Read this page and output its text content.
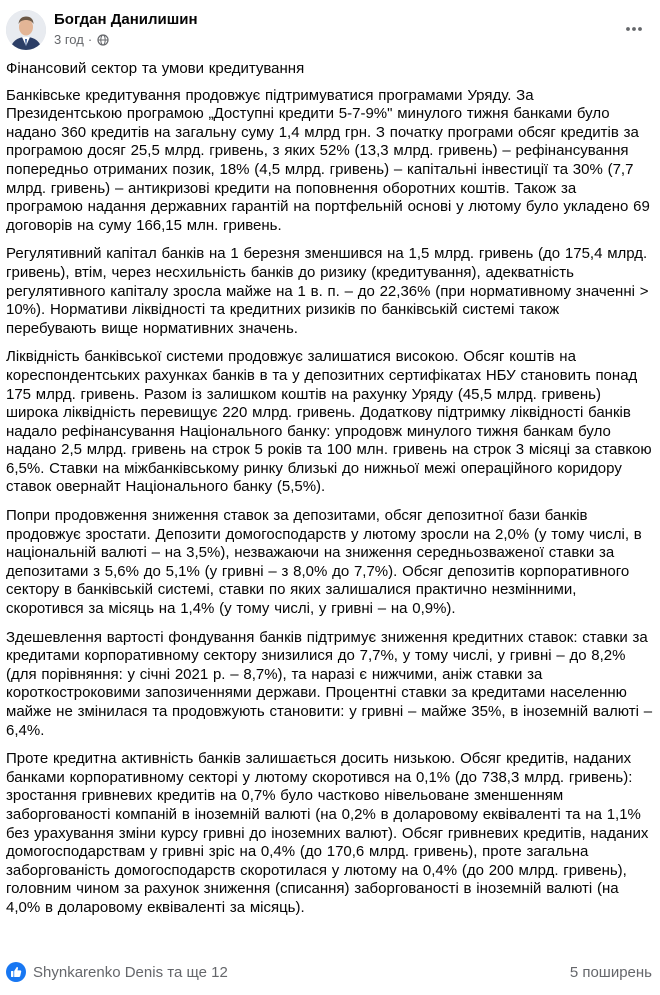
Богдан Данилишин
3 год ·

Фінансовий сектор та умови кредитування

Банківське кредитування продовжує підтримуватися програмами Уряду. За Президентською програмою „Доступні кредити 5-7-9%" минулого тижня банками було надано 360 кредитів на загальну суму 1,4 млрд грн. З початку програми обсяг кредитів за програмою досяг 25,5 млрд. гривень, з яких 52% (13,3 млрд. гривень) – рефінансування попередньо отриманих позик, 18% (4,5 млрд. гривень) – капітальні інвестиції та 30% (7,7 млрд. гривень) – антикризові кредити на поповнення оборотних коштів. Також за програмою надання державних гарантій на портфельній основі у лютому було укладено 69 договорів на суму 166,15 млн. гривень.

Регулятивний капітал банків на 1 березня зменшився на 1,5 млрд. гривень (до 175,4 млрд. гривень), втім, через несхильність банків до ризику (кредитування), адекватність регулятивного капіталу зросла майже на 1 в. п. – до 22,36% (при нормативному значенні > 10%). Нормативи ліквідності та кредитних ризиків по банківській системі також перебувають вище нормативних значень.

Ліквідність банківської системи продовжує залишатися високою. Обсяг коштів на кореспондентських рахунках банків в та у депозитних сертифікатах НБУ становить понад 175 млрд. гривень. Разом із залишком коштів на рахунку Уряду (45,5 млрд. гривень) широка ліквідність перевищує 220 млрд. гривень. Додаткову підтримку ліквідності банків надало рефінансування Національного банку: упродовж минулого тижня банкам було надано 2,5 млрд. гривень на строк 5 років та 100 млн. гривень на строк 3 місяці за ставкою 6,5%. Ставки на міжбанківському ринку близькі до нижньої межі операційного коридору ставок овернайт Національного банку (5,5%).

Попри продовження зниження ставок за депозитами, обсяг депозитної бази банків продовжує зростати. Депозити домогосподарств у лютому зросли на 2,0% (у тому числі, в національній валюті – на 3,5%), незважаючи на зниження середньозваженої ставки за депозитами з 5,6% до 5,1% (у гривні – з 8,0% до 7,7%). Обсяг депозитів корпоративного сектору в банківській системі, ставки по яких залишалися практично незмінними, скоротився за місяць на 1,4% (у тому числі, у гривні – на 0,9%).

Здешевлення вартості фондування банків підтримує зниження кредитних ставок: ставки за кредитами корпоративному сектору знизилися до 7,7%, у тому числі, у гривні – до 8,2% (для порівняння: у січні 2021 р. – 8,7%), та наразі є нижчими, аніж ставки за короткостроковими запозиченнями держави. Процентні ставки за кредитами населенню майже не змінилася та продовжують становити: у гривні – майже 35%, в іноземній валюті – 6,4%.

Проте кредитна активність банків залишається досить низькою. Обсяг кредитів, наданих банками корпоративному секторі у лютому скоротився на 0,1% (до 738,3 млрд. гривень): зростання гривневих кредитів на 0,7% було частково нівельоване зменшенням заборгованості компаній в іноземній валюті (на 0,2% в доларовому еквіваленті та на 1,1% без урахування зміни курсу гривні до іноземних валют). Обсяг гривневих кредитів, наданих домогосподарствам у гривні зріс на 0,4% (до 170,6 млрд. гривень), проте загальна заборгованість домогосподарств скоротилася у лютому на 0,4% (до 200 млрд. гривень), головним чином за рахунок зниження (списання) заборгованості в іноземній валюті (на 4,0% в доларовому еквіваленті за місяць).

Shynkarenko Denis та ще 12	5 поширень
